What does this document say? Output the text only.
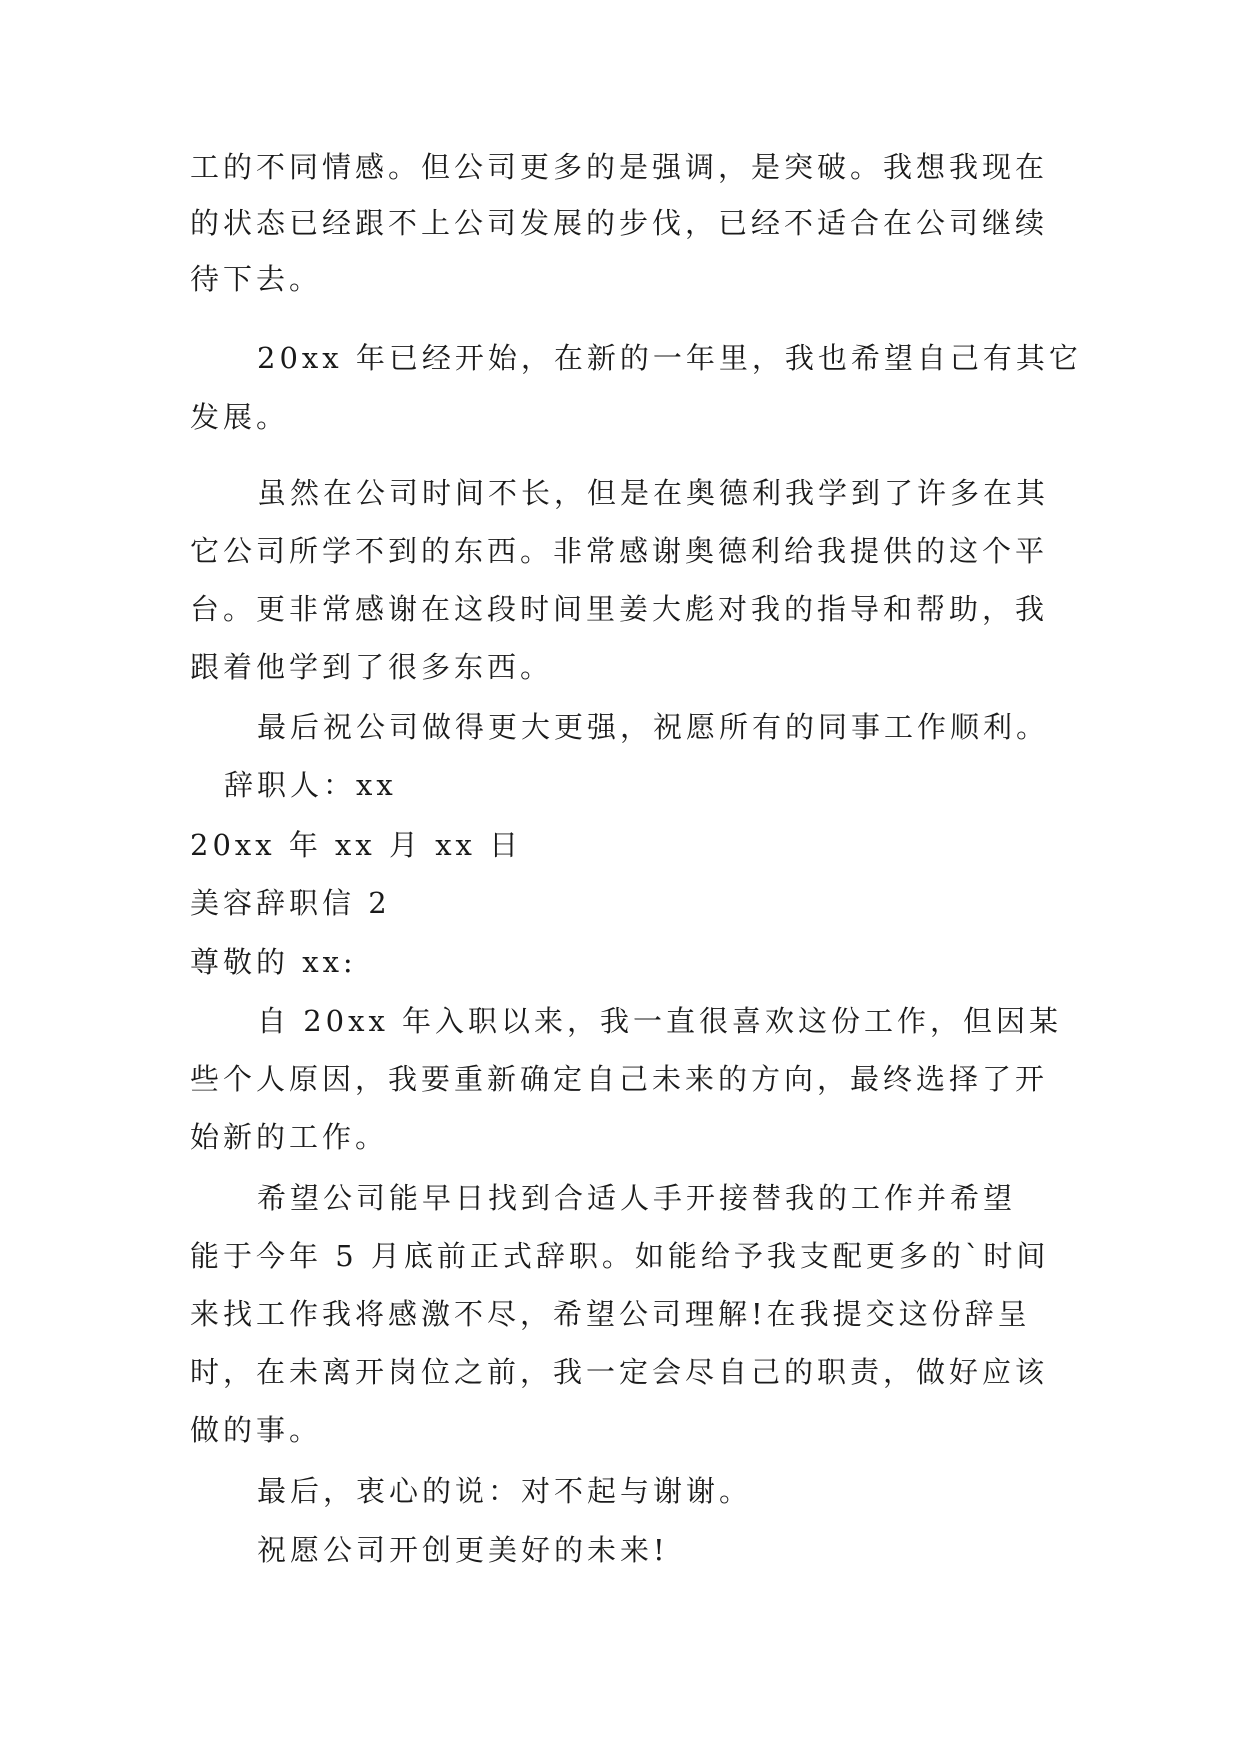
工的不同情感。但公司更多的是强调，是突破。我想我现在
的状态已经跟不上公司发展的步伐，已经不适合在公司继续
待下去。
20xx 年已经开始，在新的一年里，我也希望自己有其它
发展。
虽然在公司时间不长，但是在奥德利我学到了许多在其
它公司所学不到的东西。非常感谢奥德利给我提供的这个平
台。更非常感谢在这段时间里姜大彪对我的指导和帮助，我
跟着他学到了很多东西。
最后祝公司做得更大更强，祝愿所有的同事工作顺利。
辞职人：xx
20xx 年 xx 月 xx 日
美容辞职信 2
尊敬的 xx:
自 20xx 年入职以来，我一直很喜欢这份工作，但因某
些个人原因，我要重新确定自己未来的方向，最终选择了开
始新的工作。
希望公司能早日找到合适人手开接替我的工作并希望
能于今年 5 月底前正式辞职。如能给予我支配更多的`时间
来找工作我将感激不尽，希望公司理解!在我提交这份辞呈
时，在未离开岗位之前，我一定会尽自己的职责，做好应该
做的事。
最后，衷心的说：对不起与谢谢。
祝愿公司开创更美好的未来!
